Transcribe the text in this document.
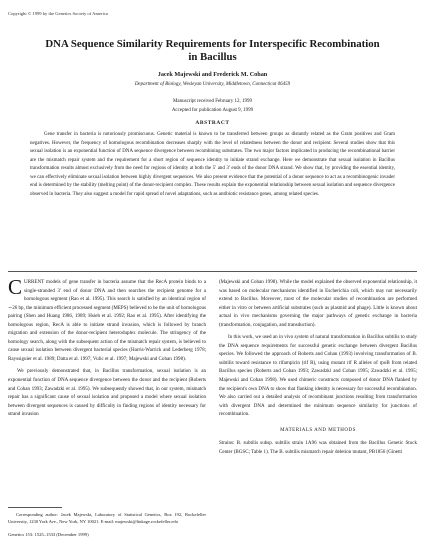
Copyright © 1999 by the Genetics Society of America
DNA Sequence Similarity Requirements for Interspecific Recombination
in Bacillus
Jacek Majewski and Frederick M. Cohan
Department of Biology, Wesleyan University, Middletown, Connecticut 06459
Manuscript received February 12, 1999
Accepted for publication August 9, 1999
ABSTRACT
Gene transfer in bacteria is notoriously promiscuous. Genetic material is known to be transferred between groups as distantly related as the Gram positives and Gram negatives. However, the frequency of homologous recombination decreases sharply with the level of relatedness between the donor and recipient. Several studies show that this sexual isolation is an exponential function of DNA sequence divergence between recombining substrates. The two major factors implicated in producing the recombinational barrier are the mismatch repair system and the requirement for a short region of sequence identity to initiate strand exchange. Here we demonstrate that sexual isolation in Bacillus transformation results almost exclusively from the need for regions of identity at both the 5′ and 3′ ends of the donor DNA strand. We show that, by providing the essential identity, we can effectively eliminate sexual isolation between highly divergent sequences. We also present evidence that the potential of a donor sequence to act as a recombinogenic invader end is determined by the stability (melting point) of the donor-recipient complex. These results explain the exponential relationship between sexual isolation and sequence divergence observed in bacteria. They also suggest a model for rapid spread of novel adaptations, such as antibiotic resistance genes, among related species.

CURRENT models of gene transfer in bacteria assume that the RecA protein binds to a single-stranded 3′ end of donor DNA and then searches the recipient genome for a homologous segment (Rao et al. 1995). This search is satisfied by an identical region of ∼26 bp, the minimum efficient processed segment (MEPS) believed to be the unit of homologous pairing (Shen and Huang 1986, 1989; Hsieh et al. 1992; Rao et al. 1995). After identifying the homologous region, RecA is able to initiate strand invasion, which is followed by branch migration and extension of the donor-recipient heteroduplex molecule. The stringency of the homology search, along with the subsequent action of the mismatch repair system, is believed to cause sexual isolation between divergent bacterial species (Harris-Warrick and Lederberg 1978; Rayssiguier et al. 1989; Datta et al. 1997; Vulic et al. 1997; Majewski and Cohan 1998).

We previously demonstrated that, in Bacillus transformation, sexual isolation is an exponential function of DNA sequence divergence between the donor and the recipient (Roberts and Cohan 1993; Zawadzki et al. 1995). We subsequently showed that, in our system, mismatch repair has a significant cause of sexual isolation and proposed a model where sexual isolation between divergent sequences is caused by difficulty in finding regions of identity necessary for strand invasion

(Majewski and Cohan 1998). While the model explained the observed exponential relationship, it was based on molecular mechanisms identified in Escherichia coli, which may not necessarily extend to Bacillus. Moreover, most of the molecular studies of recombination are performed either in vitro or between artificial substrates (such as plasmid and phage). Little is known about actual in vivo mechanisms governing the major pathways of genetic exchange in bacteria (transformation, conjugation, and transduction).

In this work, we used an in vivo system of natural transformation in Bacillus subtilis to study the DNA sequence requirements for successful genetic exchange between divergent Bacillus species. We followed the approach of Roberts and Cohan (1993) involving transformation of B. subtilis toward resistance to rifampicin (rif R), using mutant rif R alleles of rpoB from related Bacillus species (Roberts and Cohan 1993; Zawadzki and Cohan 1995; Zawadzki et al. 1995; Majewski and Cohan 1998). We used chimeric constructs composed of donor DNA flanked by the recipient's own DNA to show that flanking identity is necessary for successful recombination. We also carried out a detailed analysis of recombinant junctions resulting from transformation with divergent DNA and determined the minimum sequence similarity for junctions of recombination.

MATERIALS AND METHODS

Strains: B. subtilis subsp. subtilis strain 1A96 was obtained from the Bacillus Genetic Stock Center (BGSC; Table 1). The B. subtilis mismatch repair deletion mutant, PB1856 (Ginetti

Corresponding author: Jacek Majewski, Laboratory of Statistical Genetics, Box 192, Rockefeller University, 1230 York Ave., New York, NY 10021. E-mail: majewski@linkage.rockefeller.edu
Genetics 153: 1525–1533 (December 1999)
